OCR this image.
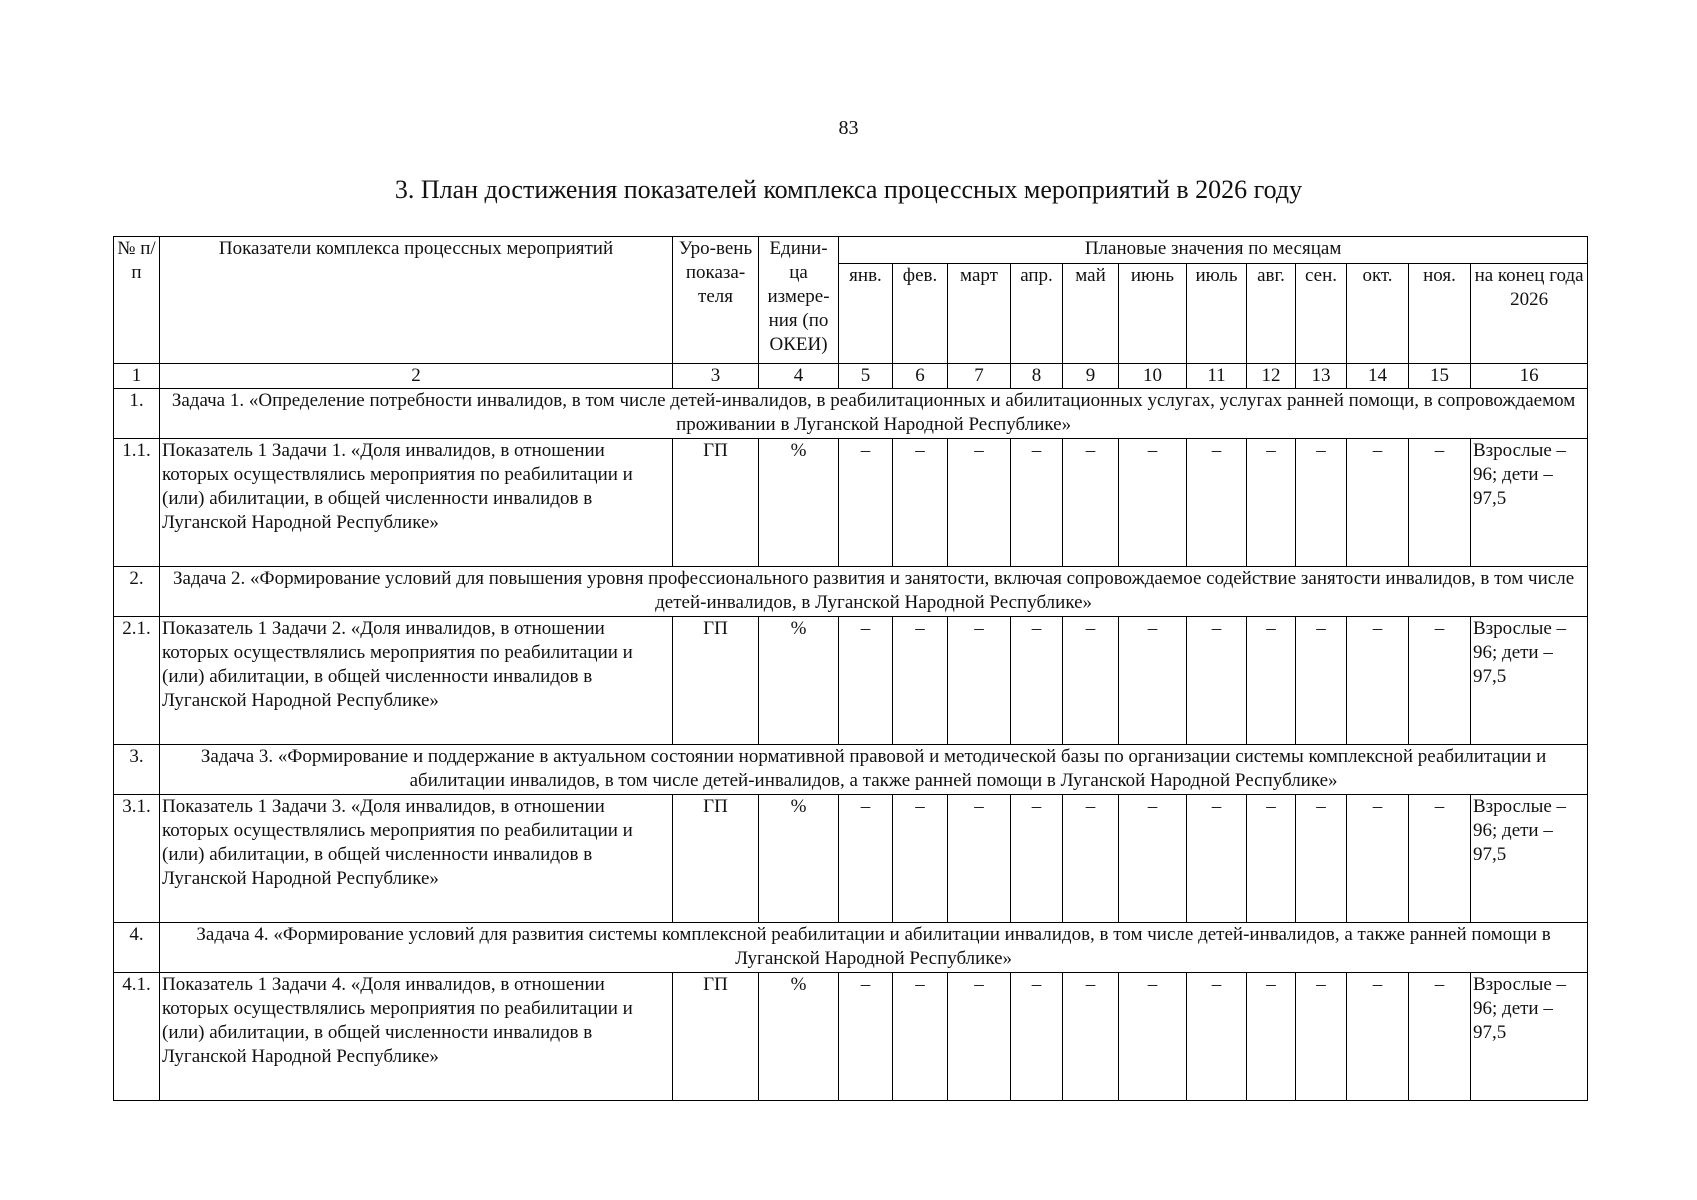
83
3. План достижения показателей комплекса процессных мероприятий в 2026 году
№ п/п	Показатели комплекса процессных мероприятий	Уро-вень показа-теля	Едини-ца измере-ния (по ОКЕИ)	Плановые значения по месяцам											
				янв.	фев.	март	апр.	май	июнь	июль	авг.	сен.	окт.	ноя.	на конец года 2026
1	2	3	4	5	6	7	8	9	10	11	12	13	14	15	16
1.	Задача 1. «Определение потребности инвалидов, в том числе детей-инвалидов, в реабилитационных и абилитационных услугах, услугах ранней помощи, в сопровождаемом проживании в Луганской Народной Республике»														
1.1.	Показатель 1 Задачи 1. «Доля инвалидов, в отношении которых осуществлялись мероприятия по реабилитации и (или) абилитации, в общей численности инвалидов в Луганской Народной Республике»	ГП	%	–	–	–	–	–	–	–	–	–	–	–	Взрослые – 96; дети – 97,5
2.	Задача 2. «Формирование условий для повышения уровня профессионального развития и занятости, включая сопровождаемое содействие занятости инвалидов, в том числе детей-инвалидов, в Луганской Народной Республике»														
2.1.	Показатель 1 Задачи 2. «Доля инвалидов, в отношении которых осуществлялись мероприятия по реабилитации и (или) абилитации, в общей численности инвалидов в Луганской Народной Республике»	ГП	%	–	–	–	–	–	–	–	–	–	–	–	Взрослые – 96; дети – 97,5
3.	Задача 3. «Формирование и поддержание в актуальном состоянии нормативной правовой и методической базы по организации системы комплексной реабилитации и абилитации инвалидов, в том числе детей-инвалидов, а также ранней помощи в Луганской Народной Республике»														
3.1.	Показатель 1 Задачи 3. «Доля инвалидов, в отношении которых осуществлялись мероприятия по реабилитации и (или) абилитации, в общей численности инвалидов в Луганской Народной Республике»	ГП	%	–	–	–	–	–	–	–	–	–	–	–	Взрослые – 96; дети – 97,5
4.	Задача 4. «Формирование условий для развития системы комплексной реабилитации и абилитации инвалидов, в том числе детей-инвалидов, а также ранней помощи в Луганской Народной Республике»														
4.1.	Показатель 1 Задачи 4. «Доля инвалидов, в отношении которых осуществлялись мероприятия по реабилитации и (или) абилитации, в общей численности инвалидов в Луганской Народной Республике»	ГП	%	–	–	–	–	–	–	–	–	–	–	–	Взрослые – 96; дети – 97,5
